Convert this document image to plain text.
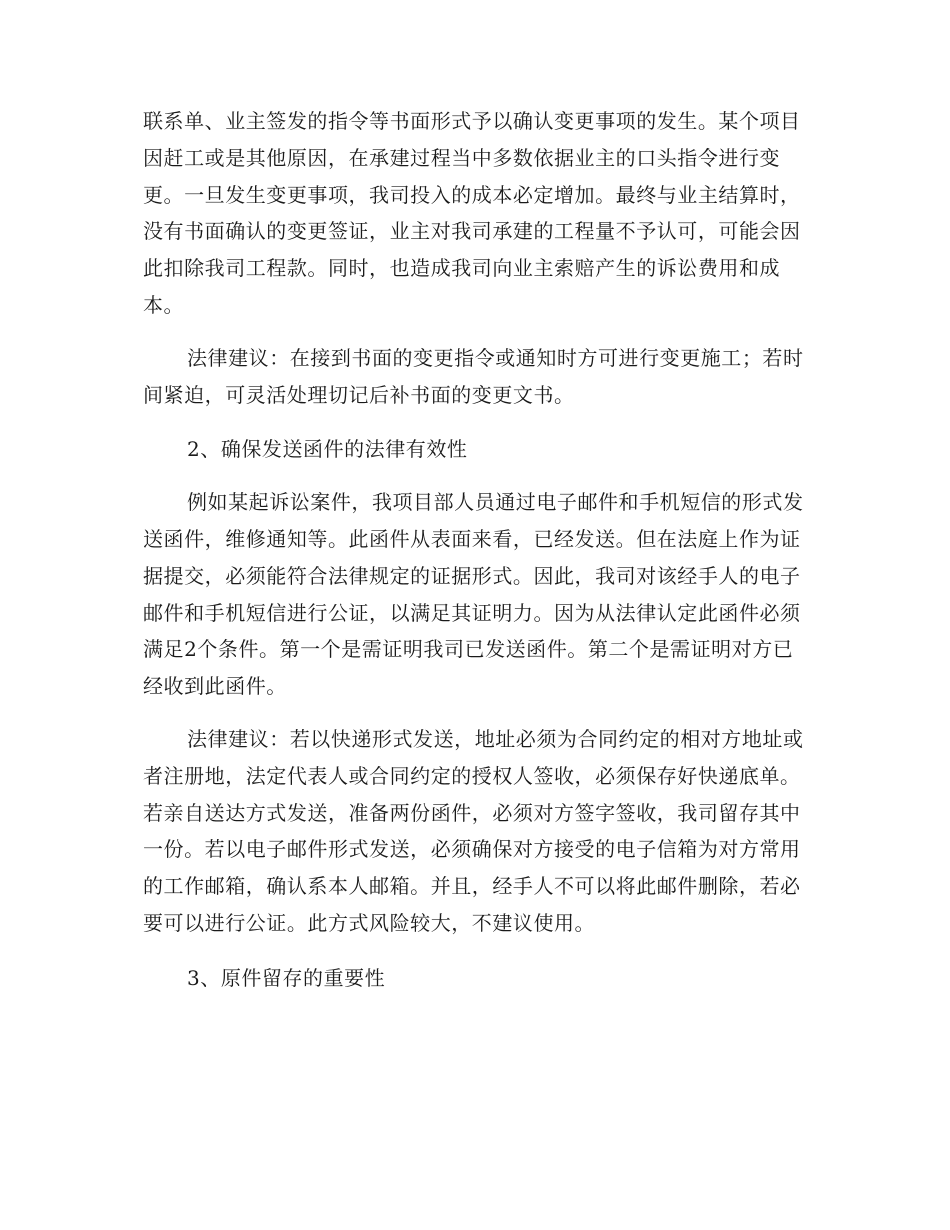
联系单、业主签发的指令等书面形式予以确认变更事项的发生。某个项目因赶工或是其他原因，在承建过程当中多数依据业主的口头指令进行变更。一旦发生变更事项，我司投入的成本必定增加。最终与业主结算时，没有书面确认的变更签证，业主对我司承建的工程量不予认可，可能会因此扣除我司工程款。同时，也造成我司向业主索赔产生的诉讼费用和成本。

法律建议：在接到书面的变更指令或通知时方可进行变更施工；若时间紧迫，可灵活处理切记后补书面的变更文书。

2、确保发送函件的法律有效性

例如某起诉讼案件，我项目部人员通过电子邮件和手机短信的形式发送函件，维修通知等。此函件从表面来看，已经发送。但在法庭上作为证据提交，必须能符合法律规定的证据形式。因此，我司对该经手人的电子邮件和手机短信进行公证，以满足其证明力。因为从法律认定此函件必须满足2个条件。第一个是需证明我司已发送函件。第二个是需证明对方已经收到此函件。

法律建议：若以快递形式发送，地址必须为合同约定的相对方地址或者注册地，法定代表人或合同约定的授权人签收，必须保存好快递底单。若亲自送达方式发送，准备两份函件，必须对方签字签收，我司留存其中一份。若以电子邮件形式发送，必须确保对方接受的电子信箱为对方常用的工作邮箱，确认系本人邮箱。并且，经手人不可以将此邮件删除，若必要可以进行公证。此方式风险较大，不建议使用。

3、原件留存的重要性
